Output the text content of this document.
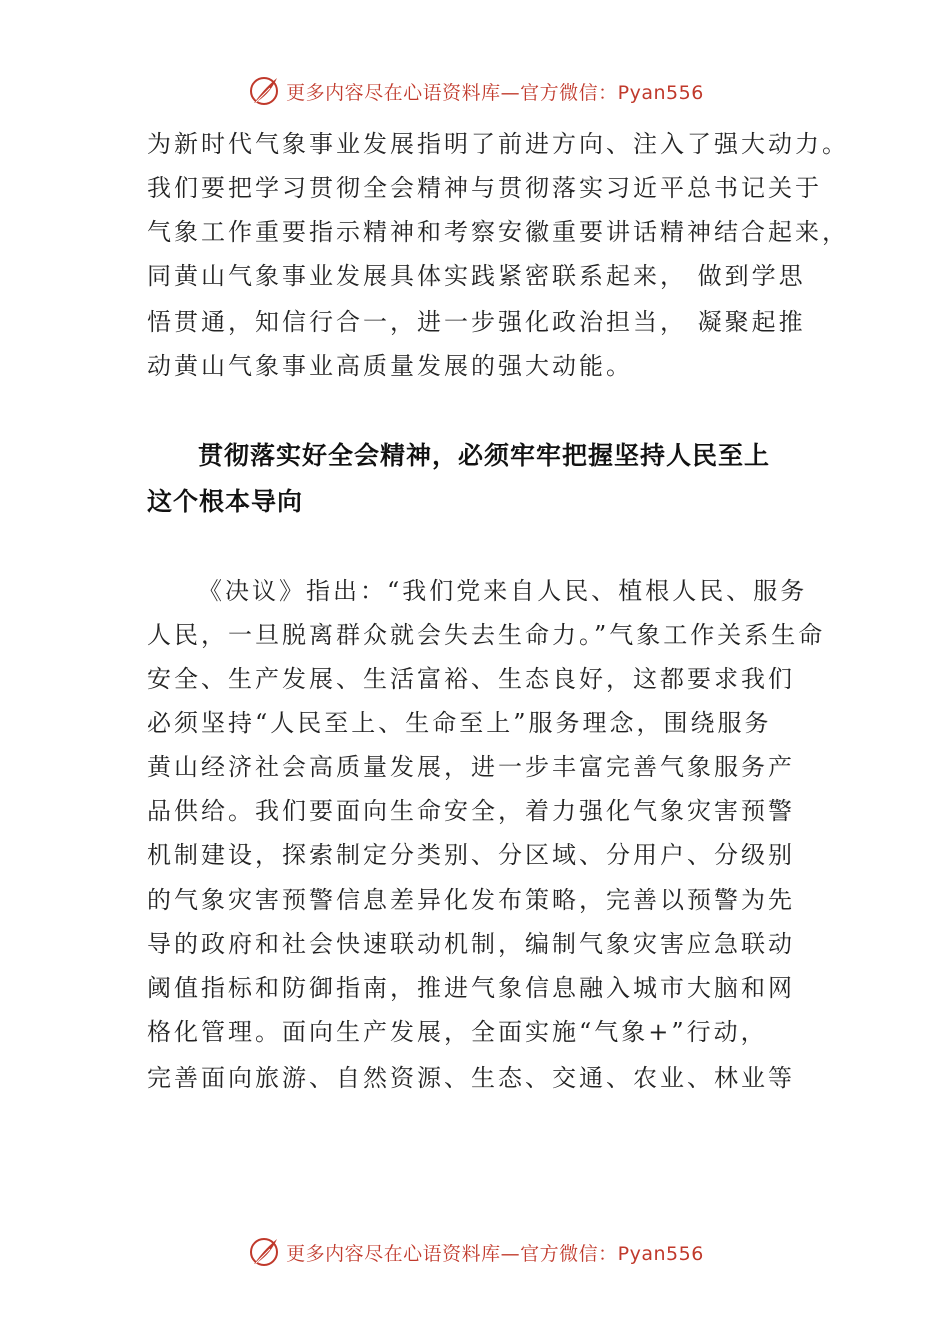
更多内容尽在心语资料库—官方微信：Pyan556
为新时代气象事业发展指明了前进方向、注入了强大动力。
我们要把学习贯彻全会精神与贯彻落实习近平总书记关于
气象工作重要指示精神和考察安徽重要讲话精神结合起来，
同黄山气象事业发展具体实践紧密联系起来， 做到学思
悟贯通，知信行合一，进一步强化政治担当， 凝聚起推
动黄山气象事业高质量发展的强大动能。
贯彻落实好全会精神，必须牢牢把握坚持人民至上
这个根本导向
《决议》指出：“我们党来自人民、植根人民、服务
人民，一旦脱离群众就会失去生命力。”气象工作关系生命
安全、生产发展、生活富裕、生态良好，这都要求我们
必须坚持“人民至上、生命至上”服务理念，围绕服务
黄山经济社会高质量发展，进一步丰富完善气象服务产
品供给。我们要面向生命安全，着力强化气象灾害预警
机制建设，探索制定分类别、分区域、分用户、分级别
的气象灾害预警信息差异化发布策略，完善以预警为先
导的政府和社会快速联动机制，编制气象灾害应急联动
阈值指标和防御指南，推进气象信息融入城市大脑和网
格化管理。面向生产发展，全面实施“气象+”行动，
完善面向旅游、自然资源、生态、交通、农业、林业等
更多内容尽在心语资料库—官方微信：Pyan556
